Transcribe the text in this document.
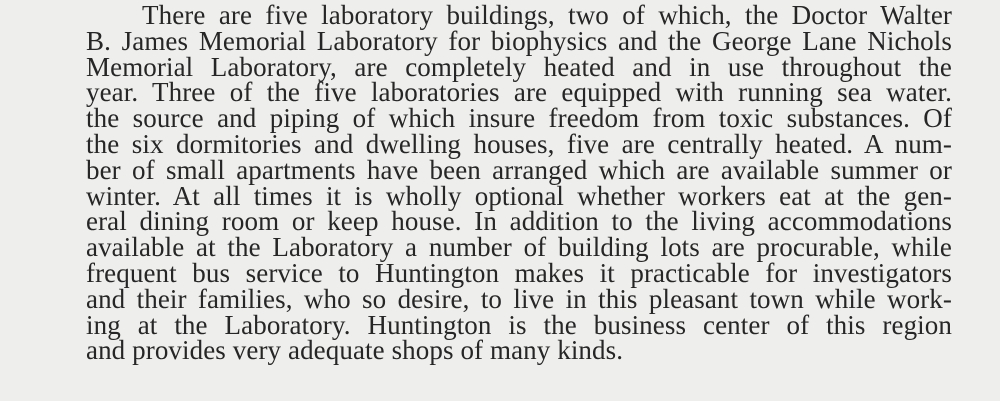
There are five laboratory buildings, two of which, the Doctor Walter
B. James Memorial Laboratory for biophysics and the George Lane Nichols
Memorial Laboratory, are completely heated and in use throughout the
year. Three of the five laboratories are equipped with running sea water.
the source and piping of which insure freedom from toxic substances. Of
the six dormitories and dwelling houses, five are centrally heated. A num-
ber of small apartments have been arranged which are available summer or
winter. At all times it is wholly optional whether workers eat at the gen-
eral dining room or keep house. In addition to the living accommodations
available at the Laboratory a number of building lots are procurable, while
frequent bus service to Huntington makes it practicable for investigators
and their families, who so desire, to live in this pleasant town while work-
ing at the Laboratory. Huntington is the business center of this region
and provides very adequate shops of many kinds.
